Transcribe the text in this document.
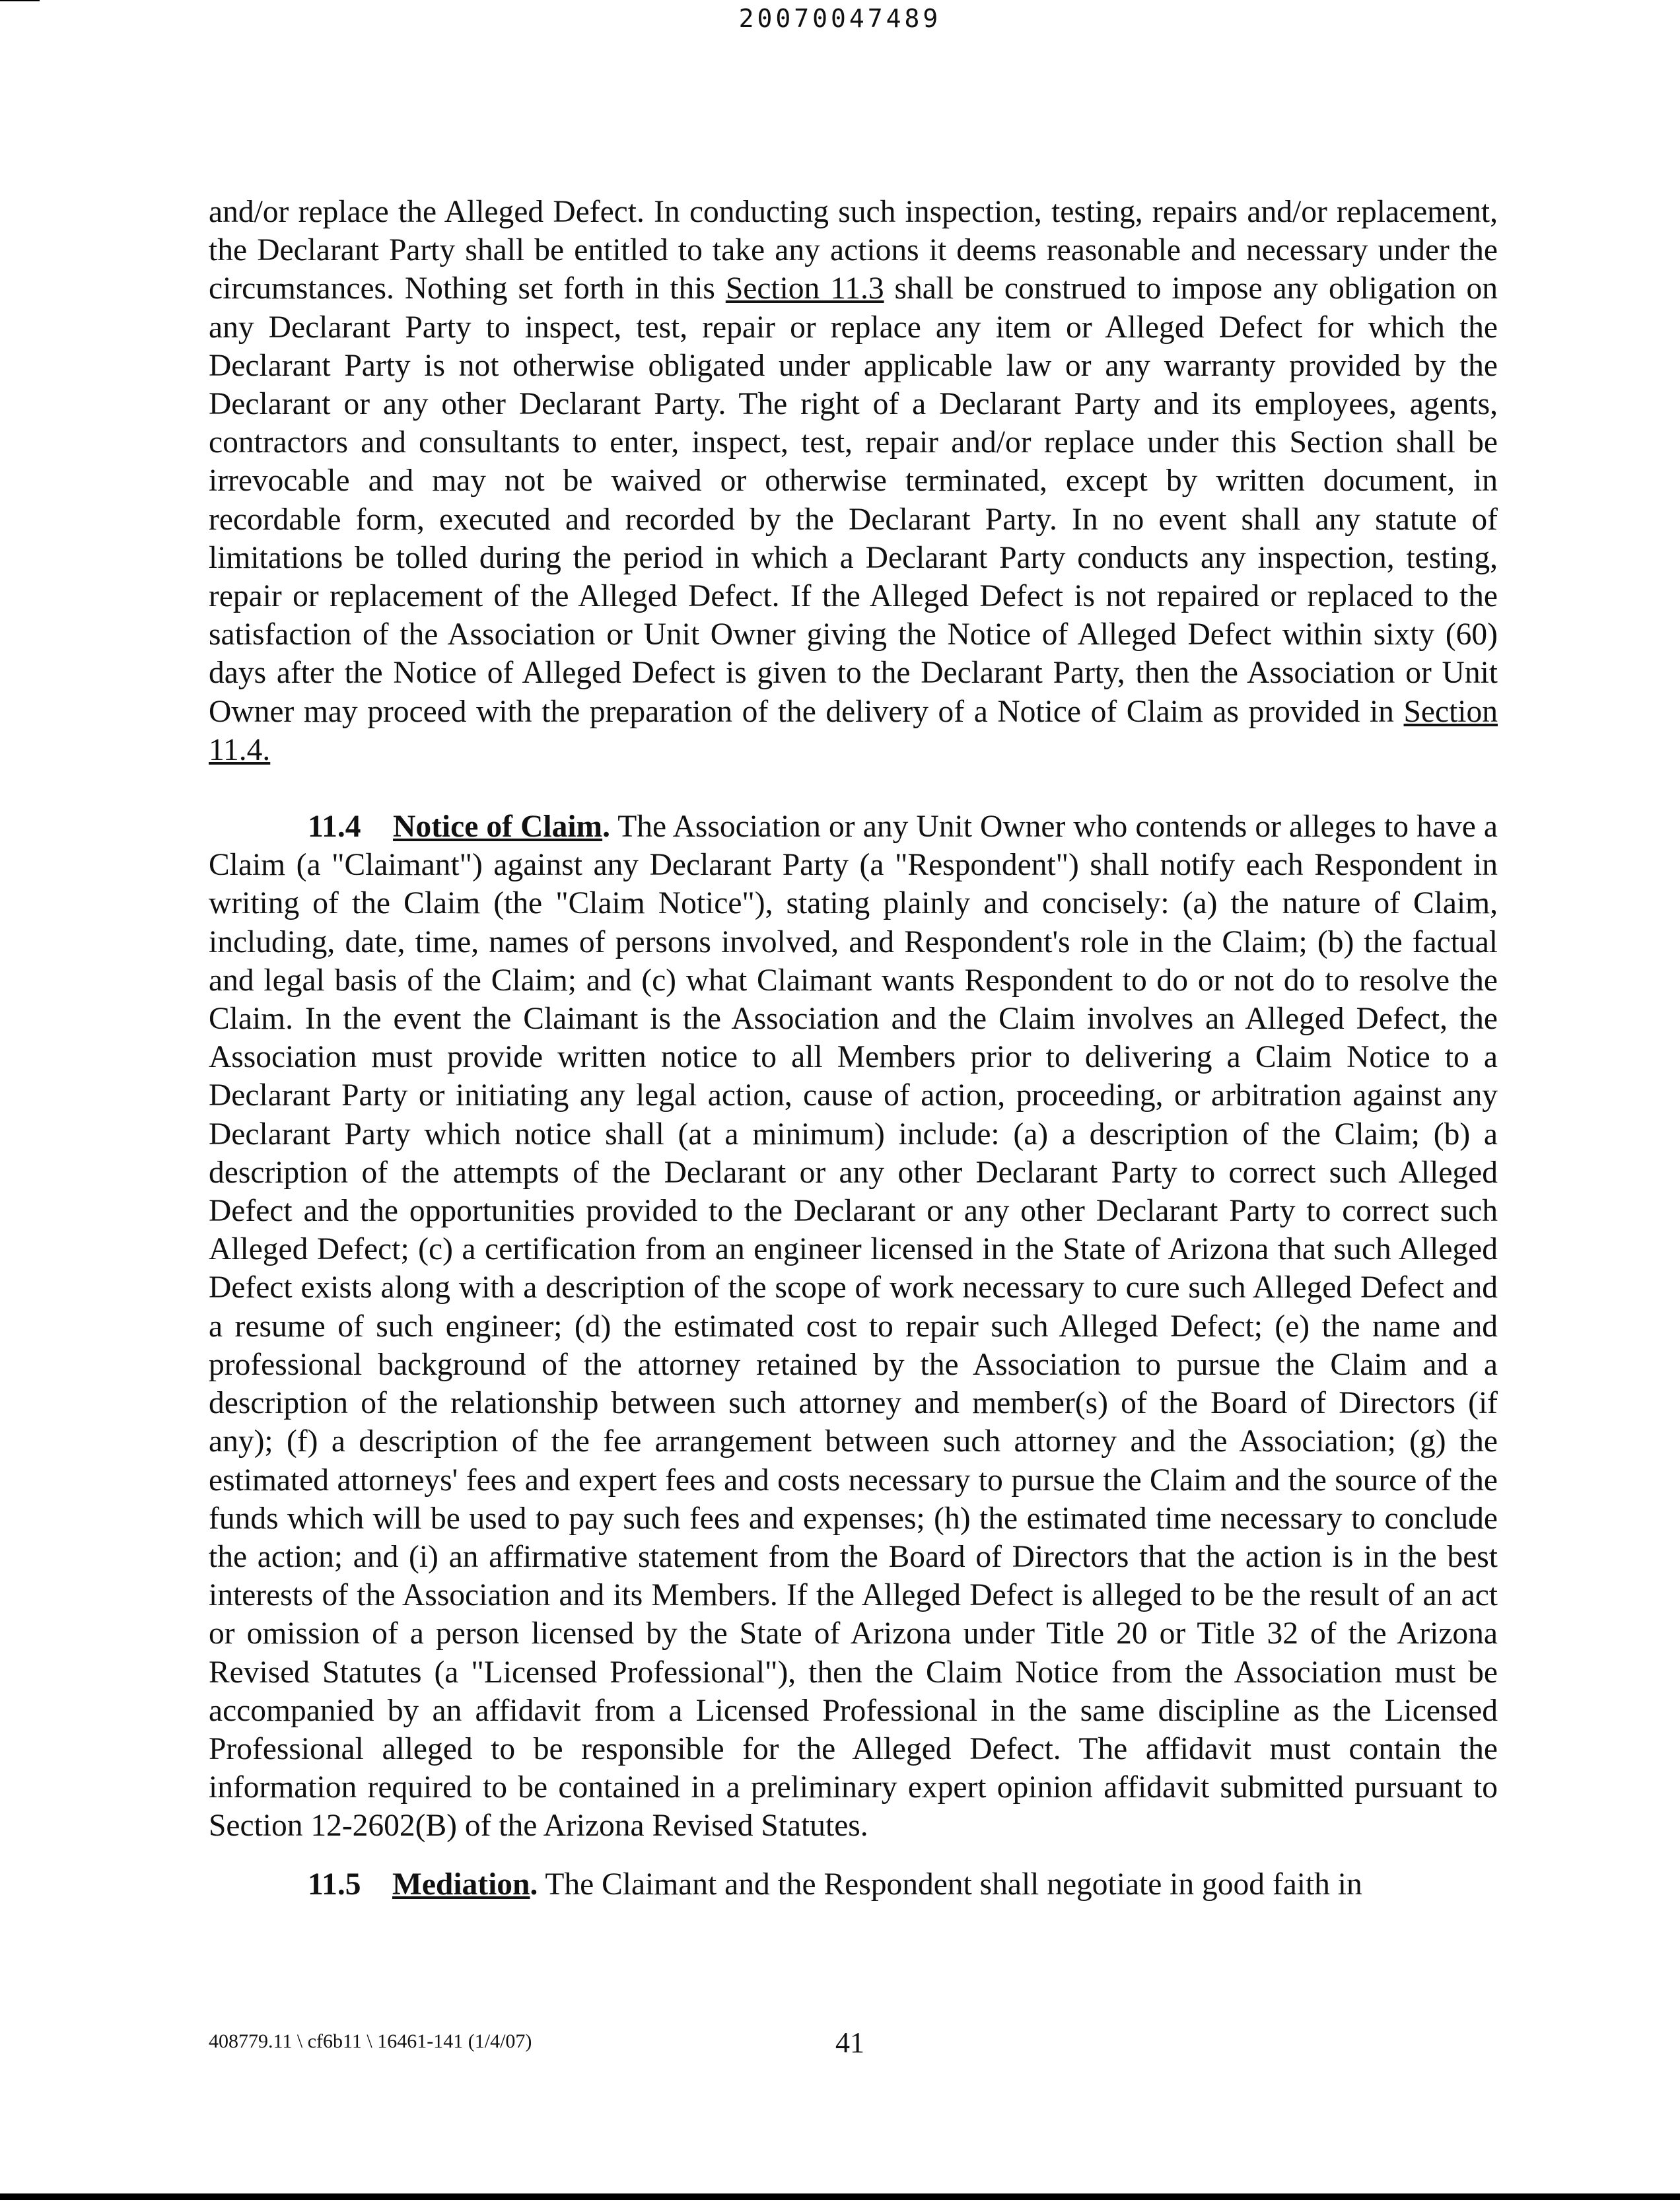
20070047489

and/or replace the Alleged Defect. In conducting such inspection, testing, repairs and/or replacement, the Declarant Party shall be entitled to take any actions it deems reasonable and necessary under the circumstances. Nothing set forth in this Section 11.3 shall be construed to impose any obligation on any Declarant Party to inspect, test, repair or replace any item or Alleged Defect for which the Declarant Party is not otherwise obligated under applicable law or any warranty provided by the Declarant or any other Declarant Party. The right of a Declarant Party and its employees, agents, contractors and consultants to enter, inspect, test, repair and/or replace under this Section shall be irrevocable and may not be waived or otherwise terminated, except by written document, in recordable form, executed and recorded by the Declarant Party. In no event shall any statute of limitations be tolled during the period in which a Declarant Party conducts any inspection, testing, repair or replacement of the Alleged Defect. If the Alleged Defect is not repaired or replaced to the satisfaction of the Association or Unit Owner giving the Notice of Alleged Defect within sixty (60) days after the Notice of Alleged Defect is given to the Declarant Party, then the Association or Unit Owner may proceed with the preparation of the delivery of a Notice of Claim as provided in Section 11.4.

11.4 Notice of Claim. The Association or any Unit Owner who contends or alleges to have a Claim (a "Claimant") against any Declarant Party (a "Respondent") shall notify each Respondent in writing of the Claim (the "Claim Notice"), stating plainly and concisely: (a) the nature of Claim, including, date, time, names of persons involved, and Respondent's role in the Claim; (b) the factual and legal basis of the Claim; and (c) what Claimant wants Respondent to do or not do to resolve the Claim. In the event the Claimant is the Association and the Claim involves an Alleged Defect, the Association must provide written notice to all Members prior to delivering a Claim Notice to a Declarant Party or initiating any legal action, cause of action, proceeding, or arbitration against any Declarant Party which notice shall (at a minimum) include: (a) a description of the Claim; (b) a description of the attempts of the Declarant or any other Declarant Party to correct such Alleged Defect and the opportunities provided to the Declarant or any other Declarant Party to correct such Alleged Defect; (c) a certification from an engineer licensed in the State of Arizona that such Alleged Defect exists along with a description of the scope of work necessary to cure such Alleged Defect and a resume of such engineer; (d) the estimated cost to repair such Alleged Defect; (e) the name and professional background of the attorney retained by the Association to pursue the Claim and a description of the relationship between such attorney and member(s) of the Board of Directors (if any); (f) a description of the fee arrangement between such attorney and the Association; (g) the estimated attorneys' fees and expert fees and costs necessary to pursue the Claim and the source of the funds which will be used to pay such fees and expenses; (h) the estimated time necessary to conclude the action; and (i) an affirmative statement from the Board of Directors that the action is in the best interests of the Association and its Members. If the Alleged Defect is alleged to be the result of an act or omission of a person licensed by the State of Arizona under Title 20 or Title 32 of the Arizona Revised Statutes (a "Licensed Professional"), then the Claim Notice from the Association must be accompanied by an affidavit from a Licensed Professional in the same discipline as the Licensed Professional alleged to be responsible for the Alleged Defect. The affidavit must contain the information required to be contained in a preliminary expert opinion affidavit submitted pursuant to Section 12-2602(B) of the Arizona Revised Statutes.

11.5 Mediation. The Claimant and the Respondent shall negotiate in good faith in

408779.11 \ cf6b11 \ 16461-141 (1/4/07)	41
